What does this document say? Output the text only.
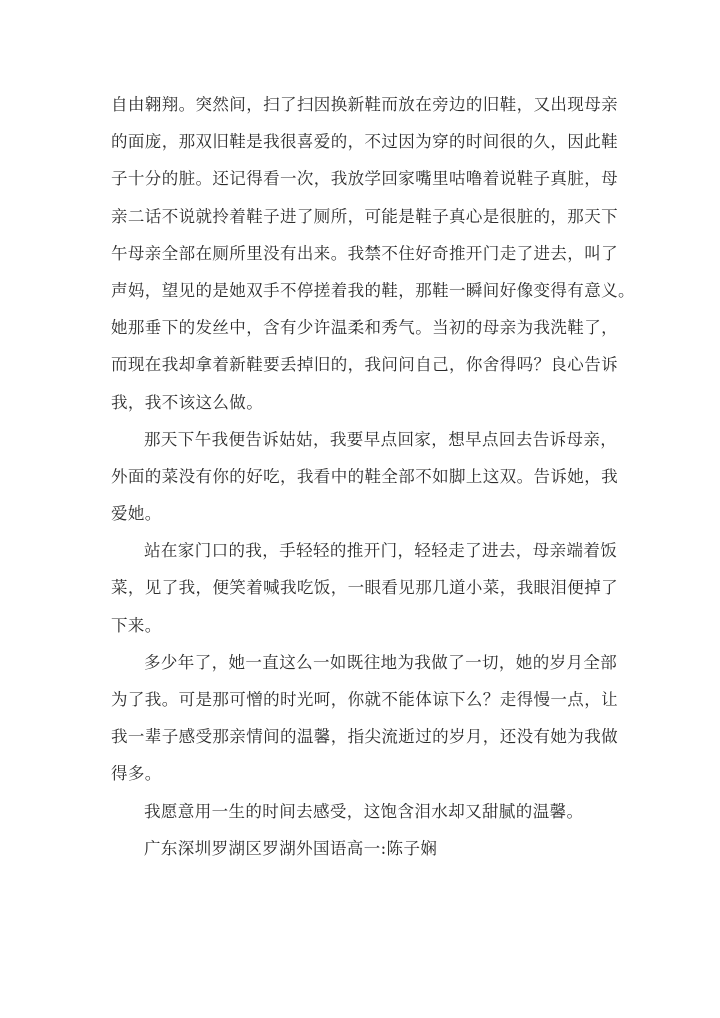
自由翱翔。突然间，扫了扫因换新鞋而放在旁边的旧鞋，又出现母亲
的面庞，那双旧鞋是我很喜爱的，不过因为穿的时间很的久，因此鞋
子十分的脏。还记得看一次，我放学回家嘴里咕噜着说鞋子真脏，母
亲二话不说就拎着鞋子进了厕所，可能是鞋子真心是很脏的，那天下
午母亲全部在厕所里没有出来。我禁不住好奇推开门走了进去，叫了
声妈，望见的是她双手不停搓着我的鞋，那鞋一瞬间好像变得有意义。
她那垂下的发丝中，含有少许温柔和秀气。当初的母亲为我洗鞋了，
而现在我却拿着新鞋要丢掉旧的，我问问自己，你舍得吗？良心告诉
我，我不该这么做。
那天下午我便告诉姑姑，我要早点回家，想早点回去告诉母亲，
外面的菜没有你的好吃，我看中的鞋全部不如脚上这双。告诉她，我
爱她。
站在家门口的我，手轻轻的推开门，轻轻走了进去，母亲端着饭
菜，见了我，便笑着喊我吃饭，一眼看见那几道小菜，我眼泪便掉了
下来。
多少年了，她一直这么一如既往地为我做了一切，她的岁月全部
为了我。可是那可憎的时光呵，你就不能体谅下么？走得慢一点，让
我一辈子感受那亲情间的温馨，指尖流逝过的岁月，还没有她为我做
得多。
我愿意用一生的时间去感受，这饱含泪水却又甜腻的温馨。
广东深圳罗湖区罗湖外国语高一:陈子娴
